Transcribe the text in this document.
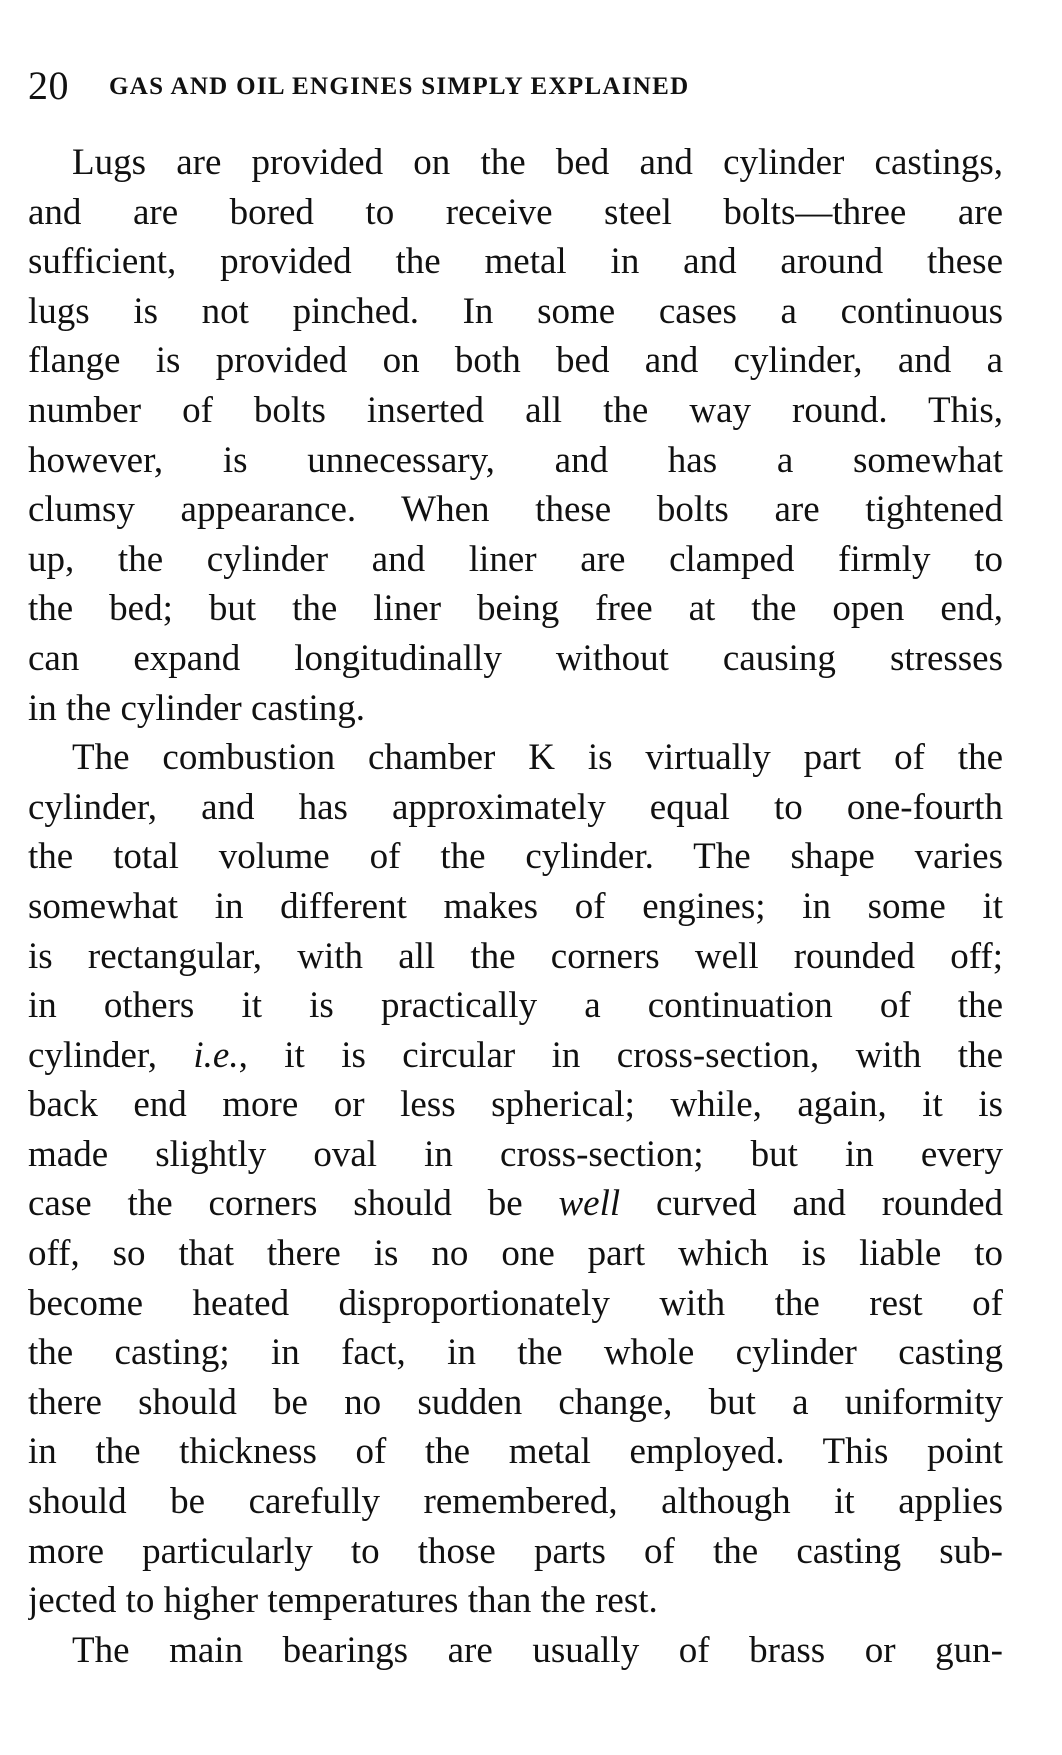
20 GAS AND OIL ENGINES SIMPLY EXPLAINED
Lugs are provided on the bed and cylinder castings,
and are bored to receive steel bolts—three are
sufficient, provided the metal in and around these
lugs is not pinched. In some cases a continuous
flange is provided on both bed and cylinder, and a
number of bolts inserted all the way round. This,
however, is unnecessary, and has a somewhat
clumsy appearance. When these bolts are tightened
up, the cylinder and liner are clamped firmly to
the bed; but the liner being free at the open end,
can expand longitudinally without causing stresses
in the cylinder casting.
The combustion chamber K is virtually part of the
cylinder, and has approximately equal to one-fourth
the total volume of the cylinder. The shape varies
somewhat in different makes of engines; in some it
is rectangular, with all the corners well rounded off;
in others it is practically a continuation of the
cylinder, i.e., it is circular in cross-section, with the
back end more or less spherical; while, again, it is
made slightly oval in cross-section; but in every
case the corners should be well curved and rounded
off, so that there is no one part which is liable to
become heated disproportionately with the rest of
the casting; in fact, in the whole cylinder casting
there should be no sudden change, but a uniformity
in the thickness of the metal employed. This point
should be carefully remembered, although it applies
more particularly to those parts of the casting sub-
jected to higher temperatures than the rest.
The main bearings are usually of brass or gun-
